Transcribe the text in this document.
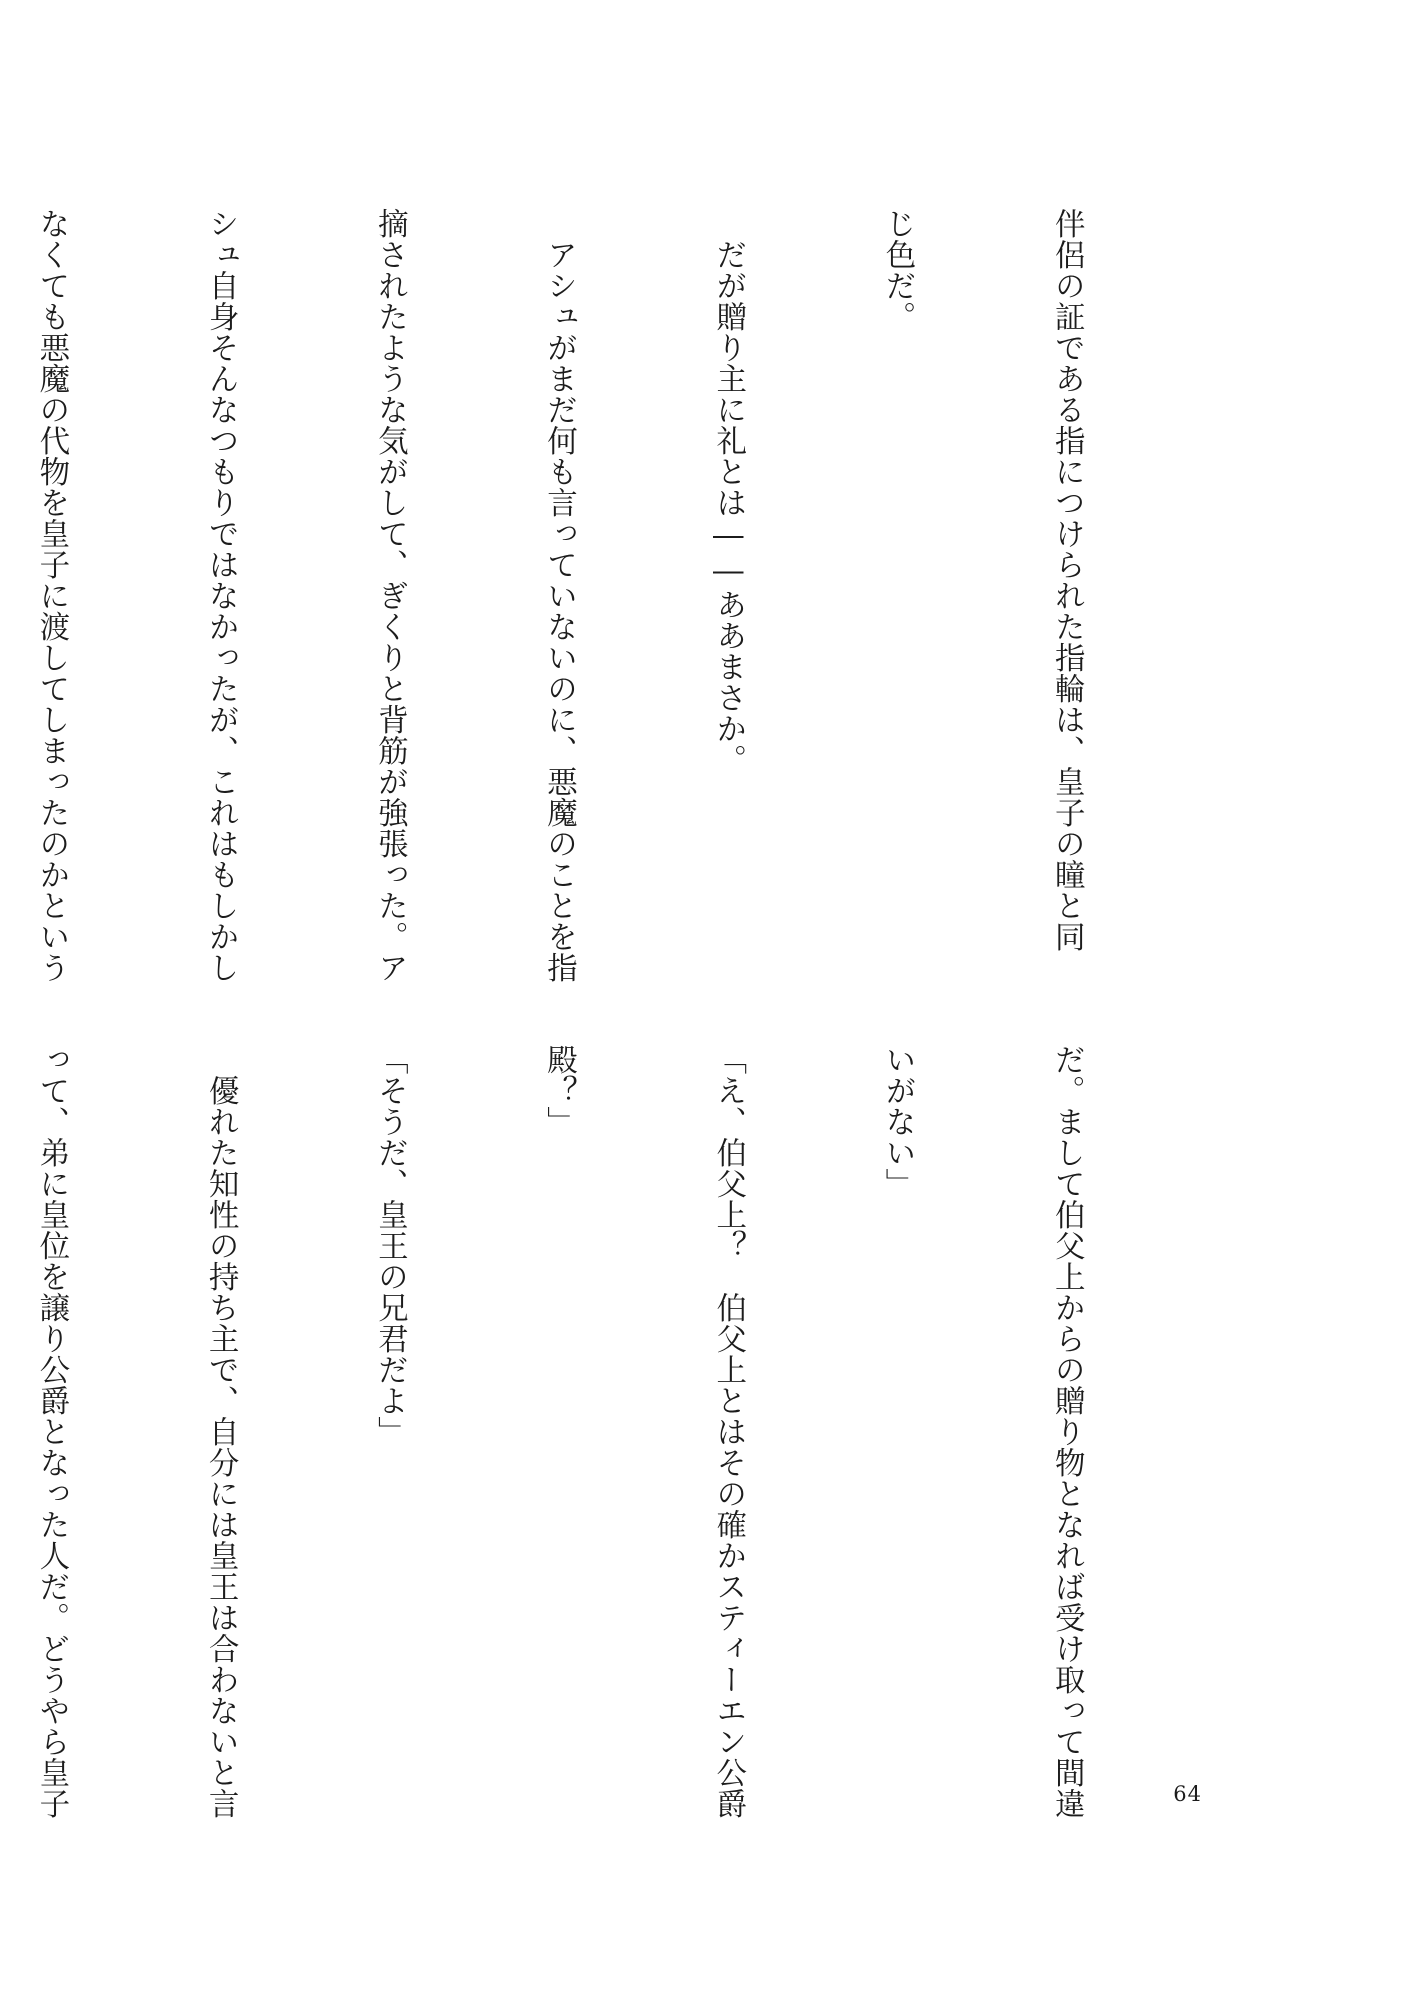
伴侶の証である指につけられた指輪は、皇子の瞳と同

じ色だ。

　だが贈り主に礼とは――ああまさか。

　アシュがまだ何も言っていないのに、悪魔のことを指

摘されたような気がして、ぎくりと背筋が強張った。ア

シュ自身そんなつもりではなかったが、これはもしかし

なくても悪魔の代物を皇子に渡してしまったのかという

だ。まして伯父上からの贈り物となれば受け取って間違

いがない」

「え、伯父上？　伯父上とはその確かスティーエン公爵

殿？」

「そうだ、皇王の兄君だよ」

　優れた知性の持ち主で、自分には皇王は合わないと言

って、弟に皇位を譲り公爵となった人だ。どうやら皇子

	64
